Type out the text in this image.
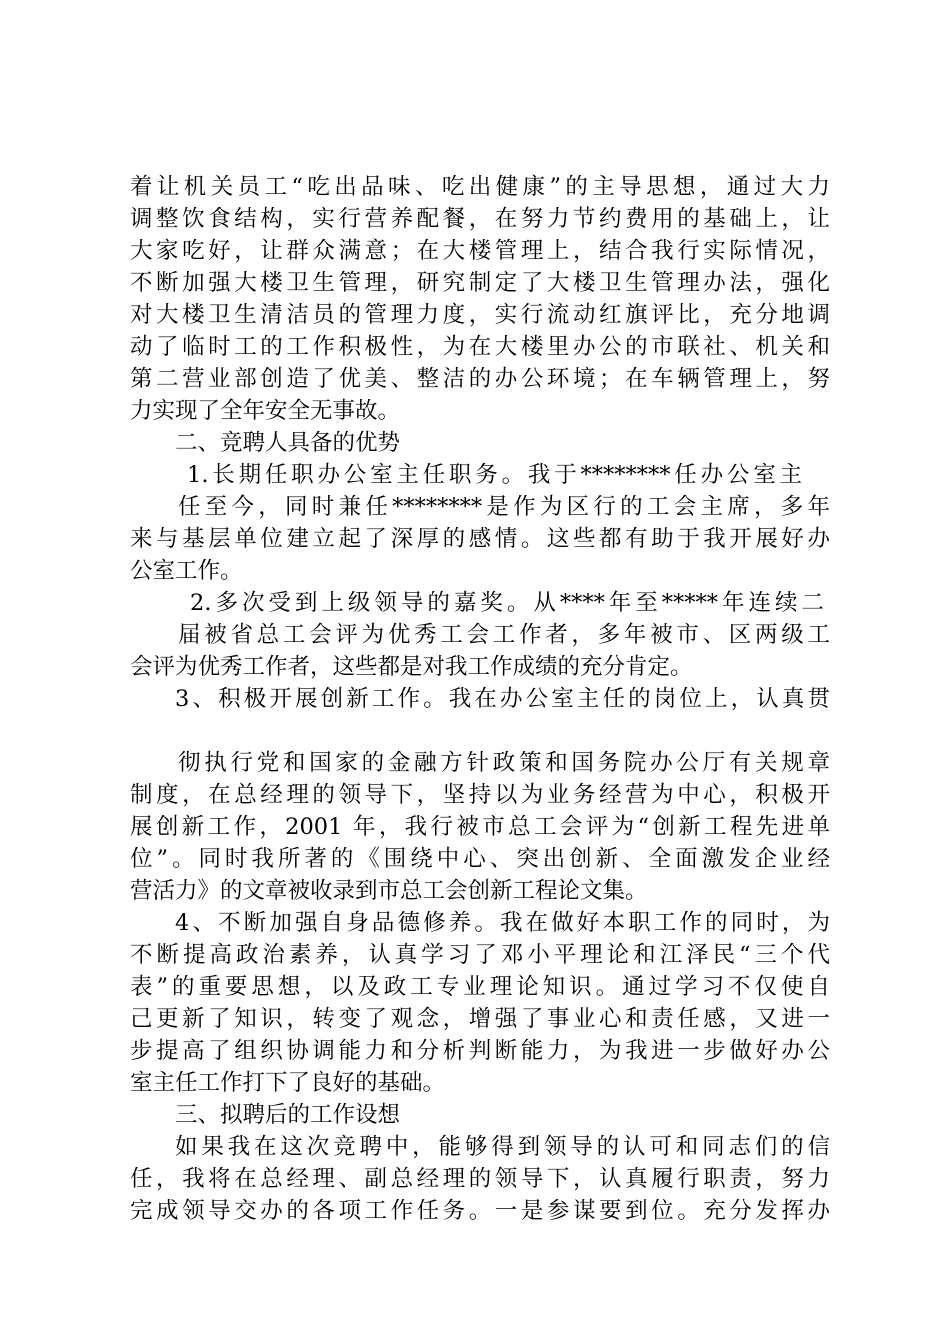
着让机关员工“吃出品味、吃出健康”的主导思想，通过大力
调整饮食结构，实行营养配餐，在努力节约费用的基础上，让
大家吃好，让群众满意；在大楼管理上，结合我行实际情况，
不断加强大楼卫生管理，研究制定了大楼卫生管理办法，强化
对大楼卫生清洁员的管理力度，实行流动红旗评比，充分地调
动了临时工的工作积极性，为在大楼里办公的市联社、机关和
第二营业部创造了优美、整洁的办公环境；在车辆管理上，努
力实现了全年安全无事故。
二、竞聘人具备的优势
1.长期任职办公室主任职务。我于********任办公室主
任至今，同时兼任********是作为区行的工会主席，多年
来与基层单位建立起了深厚的感情。这些都有助于我开展好办
公室工作。
2.多次受到上级领导的嘉奖。从****年至*****年连续二
届被省总工会评为优秀工会工作者，多年被市、区两级工
会评为优秀工作者，这些都是对我工作成绩的充分肯定。
3、积极开展创新工作。我在办公室主任的岗位上，认真贯
彻执行党和国家的金融方针政策和国务院办公厅有关规章
制度，在总经理的领导下，坚持以为业务经营为中心，积极开
展创新工作，2001 年，我行被市总工会评为“创新工程先进单
位”。同时我所著的《围绕中心、突出创新、全面激发企业经
营活力》的文章被收录到市总工会创新工程论文集。
4、不断加强自身品德修养。我在做好本职工作的同时，为
不断提高政治素养，认真学习了邓小平理论和江泽民“三个代
表”的重要思想，以及政工专业理论知识。通过学习不仅使自
己更新了知识，转变了观念，增强了事业心和责任感，又进一
步提高了组织协调能力和分析判断能力，为我进一步做好办公
室主任工作打下了良好的基础。
三、拟聘后的工作设想
如果我在这次竞聘中，能够得到领导的认可和同志们的信
任，我将在总经理、副总经理的领导下，认真履行职责，努力
完成领导交办的各项工作任务。一是参谋要到位。充分发挥办
